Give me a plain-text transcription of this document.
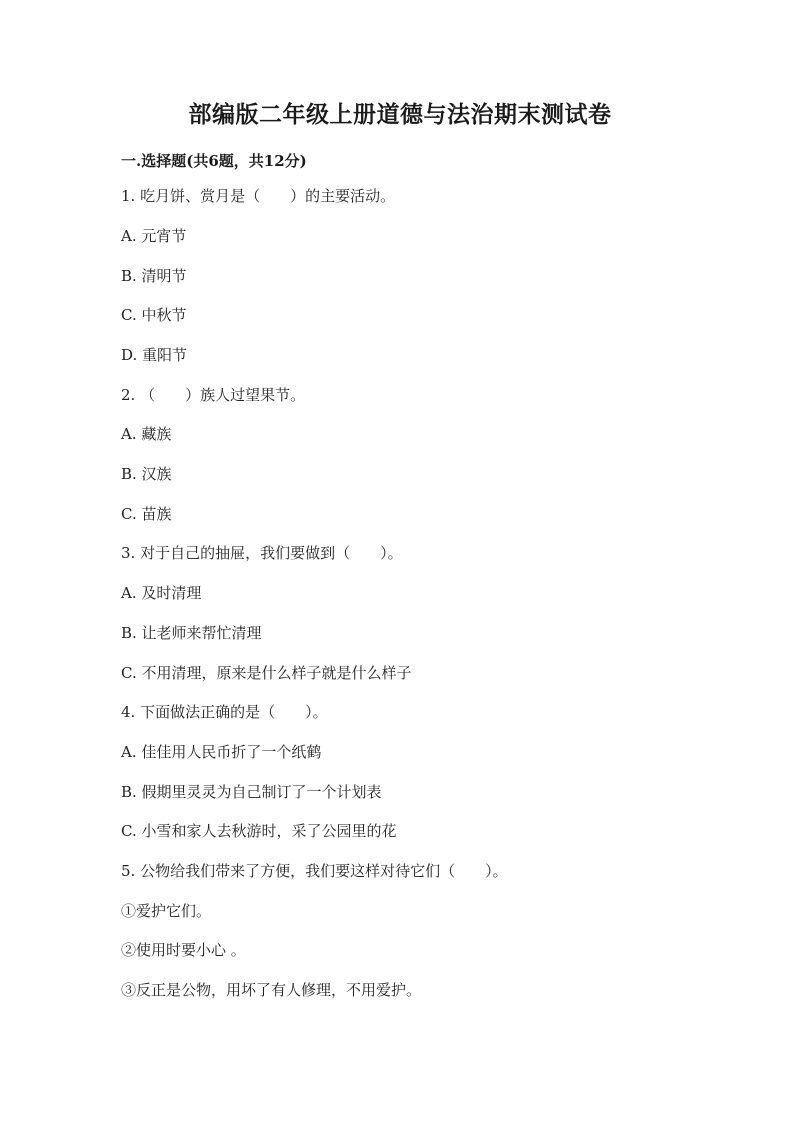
部编版二年级上册道德与法治期末测试卷
一.选择题(共6题，共12分)
1. 吃月饼、赏月是（　　）的主要活动。
A. 元宵节
B. 清明节
C. 中秋节
D. 重阳节
2. （　　）族人过望果节。
A. 藏族
B. 汉族
C. 苗族
3. 对于自己的抽屉，我们要做到（　　）。
A. 及时清理
B. 让老师来帮忙清理
C. 不用清理，原来是什么样子就是什么样子
4. 下面做法正确的是（　　）。
A. 佳佳用人民币折了一个纸鹤
B. 假期里灵灵为自己制订了一个计划表
C. 小雪和家人去秋游时，采了公园里的花
5. 公物给我们带来了方便，我们要这样对待它们（　　）。
①爱护它们。
②使用时要小心 。
③反正是公物，用坏了有人修理，不用爱护。
